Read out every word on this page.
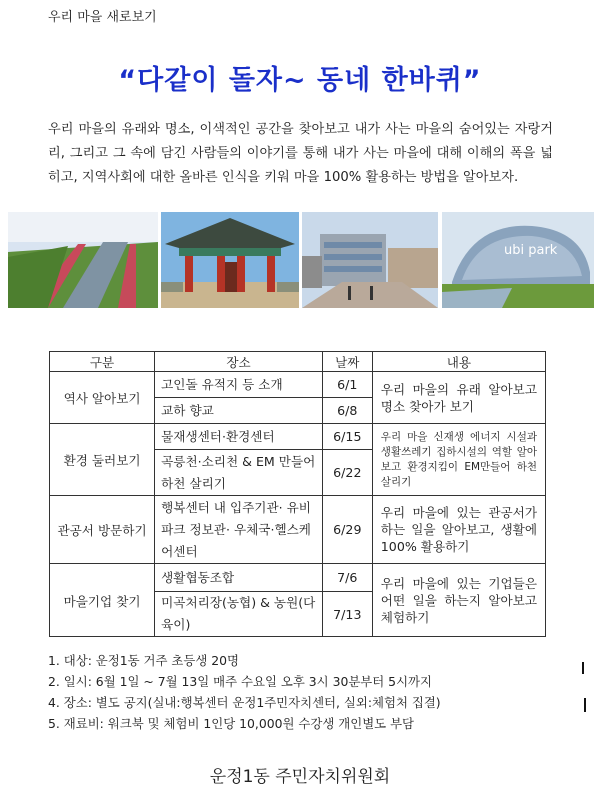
우리 마을 새로보기
“다같이 돌자~ 동네 한바퀴”
우리 마을의 유래와 명소, 이색적인 공간을 찾아보고 내가 사는 마을의 숨어있는 자랑거리, 그리고 그 속에 담긴 사람들의 이야기를 통해 내가 사는 마을에 대해 이해의 폭을 넓히고, 지역사회에 대한 올바른 인식을 키워 마을 100% 활용하는 방법을 알아보자.
ubi park
구분	장소	날짜	내용
역사 알아보기	고인돌 유적지 등 소개	6/1	우리 마을의 유래 알아보고 명소 찾아가 보기
	교하 향교	6/8	
환경 둘러보기	물재생센터·환경센터	6/15	우리 마을 신재생 에너지 시설과 생활쓰레기 집하시설의 역할 알아보고 환경지킴이 EM만들어 하천 살리기
	곡릉천·소리천 & EM 만들어 하천 살리기	6/22	
관공서 방문하기	행복센터 내 입주기관· 유비파크 정보관· 우체국·헬스케어센터	6/29	우리 마을에 있는 관공서가 하는 일을 알아보고, 생활에 100% 활용하기
마을기업 찾기	생활협동조합	7/6	우리 마을에 있는 기업들은 어떤 일을 하는지 알아보고 체험하기
	미곡처리장(농협) & 농원(다육이)	7/13	
1. 대상: 운정1동 거주 초등생 20명
2. 일시: 6월 1일 ~ 7월 13일 매주 수요일 오후 3시 30분부터 5시까지
4. 장소: 별도 공지(실내:행복센터 운정1주민자치센터, 실외:체험처 집결)
5. 재료비: 워크북 및 체험비 1인당 10,000원 수강생 개인별도 부담
운정1동 주민자치위원회
